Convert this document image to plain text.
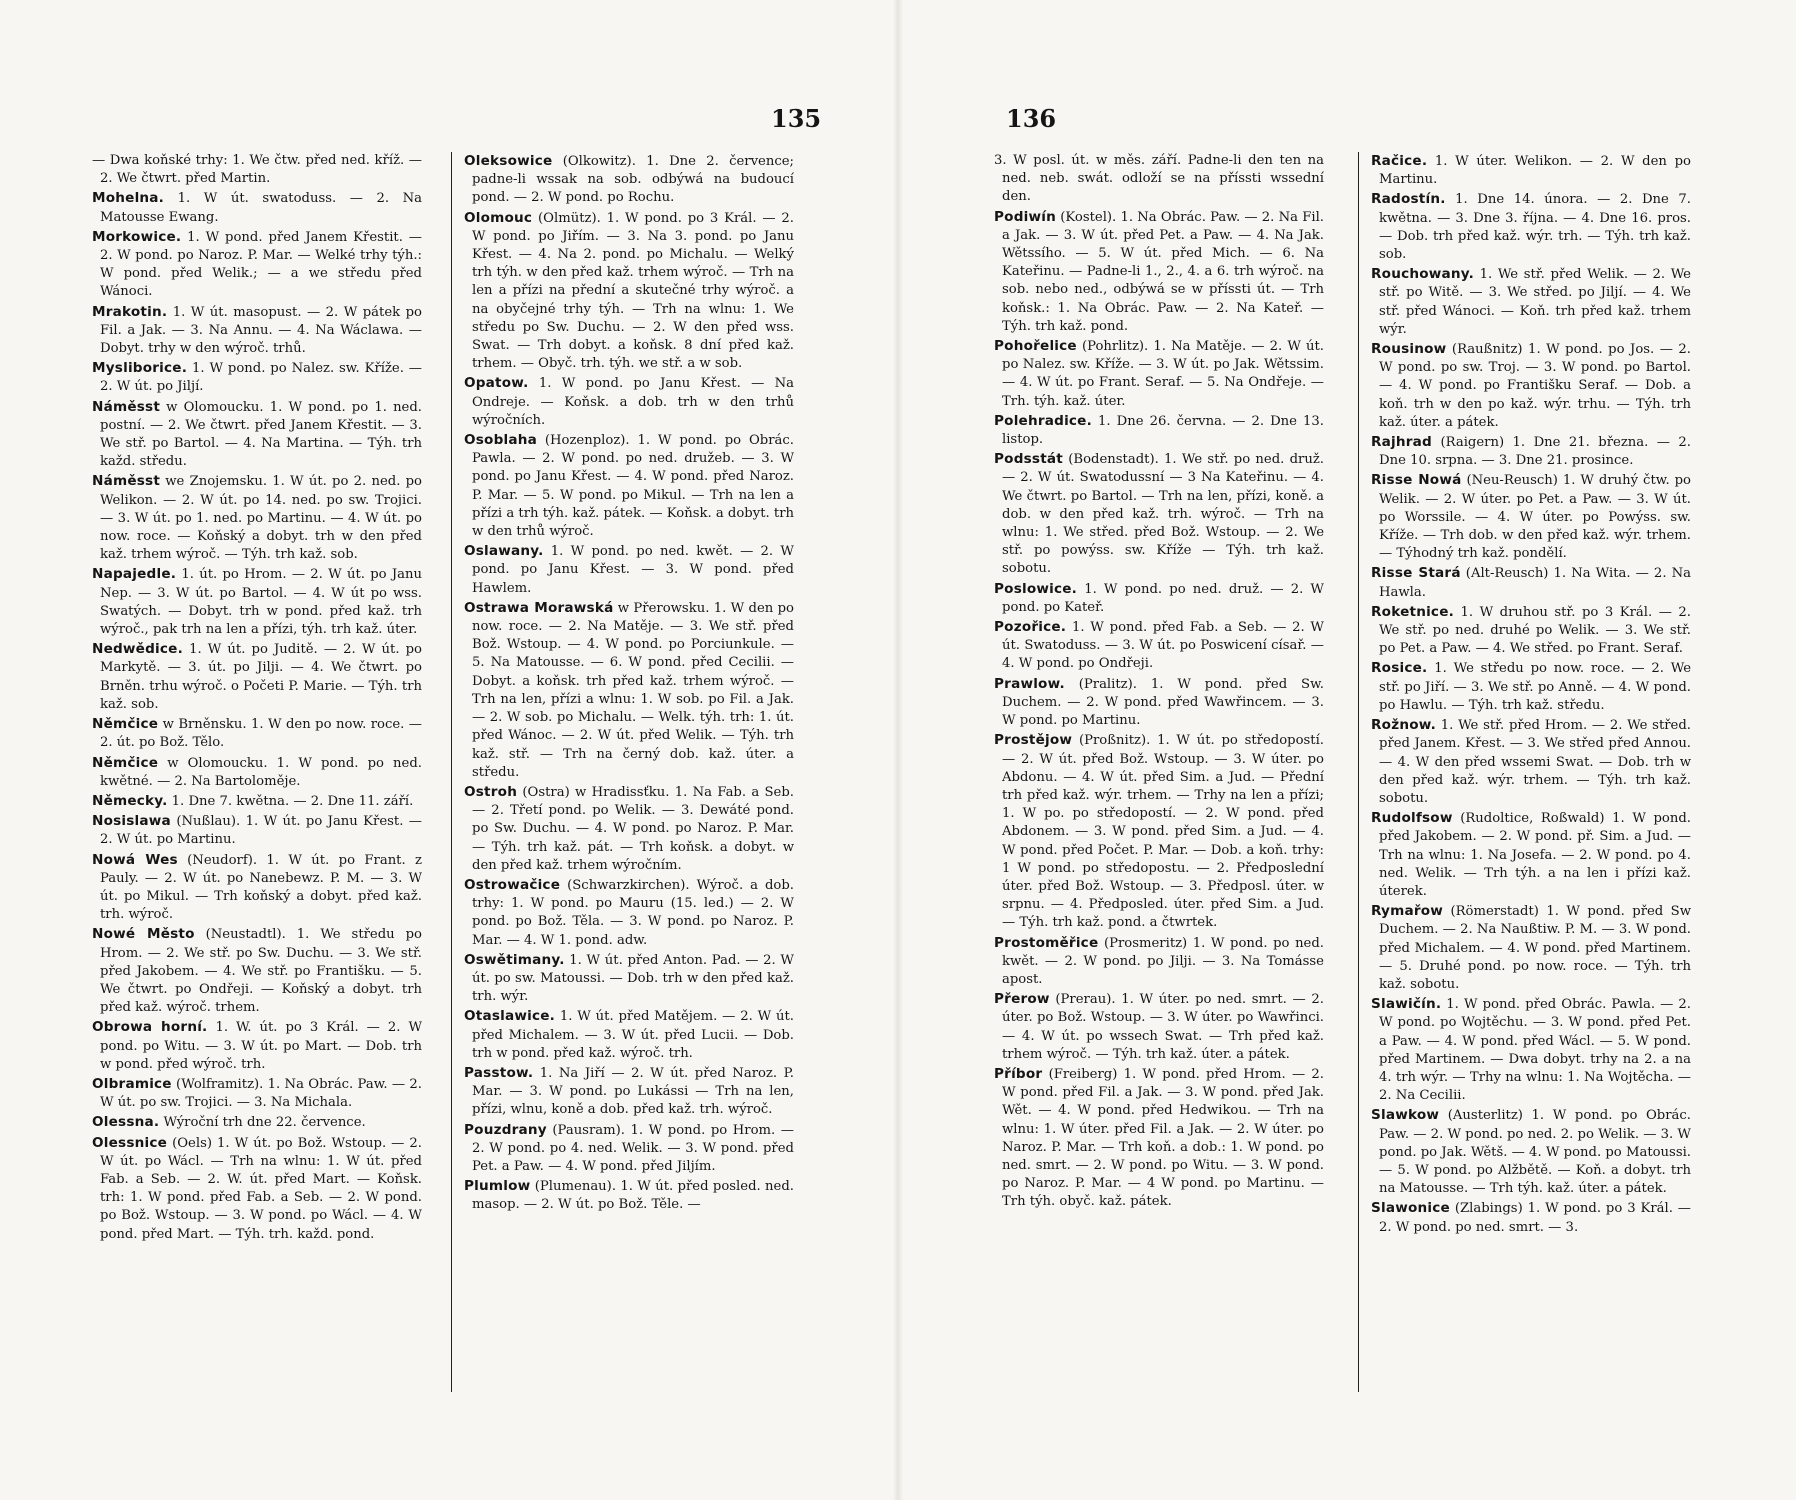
135
— Dwa koňské trhy: 1. We čtw. před ned. kříž. — 2. We čtwrt. před Martin.
Mohelna. 1. W út. swatoduss. — 2. Na Matousse Ewang.
Morkowice. 1. W pond. před Janem Křestit. — 2. W pond. po Naroz. P. Mar. — Welké trhy týh.: W pond. před Welik.; — a we středu před Wánoci.
Mrakotin. 1. W út. masopust. — 2. W pátek po Fil. a Jak. — 3. Na Annu. — 4. Na Wáclawa. — Dobyt. trhy w den wýroč. trhů.
Mysliborice. 1. W pond. po Nalez. sw. Kříže. — 2. W út. po Jiljí.
Náměsst w Olomoucku. 1. W pond. po 1. ned. postní. — 2. We čtwrt. před Janem Křestit. — 3. We stř. po Bartol. — 4. Na Martina. — Týh. trh každ. středu.
Náměsst we Znojemsku. 1. W út. po 2. ned. po Welikon. — 2. W út. po 14. ned. po sw. Trojici. — 3. W út. po 1. ned. po Martinu. — 4. W út. po now. roce. — Koňský a dobyt. trh w den před kaž. trhem wýroč. — Týh. trh kaž. sob.
Napajedle. 1. út. po Hrom. — 2. W út. po Janu Nep. — 3. W út. po Bartol. — 4. W út po wss. Swatých. — Dobyt. trh w pond. před kaž. trh wýroč., pak trh na len a přízi, týh. trh kaž. úter.
Nedwědice. 1. W út. po Juditě. — 2. W út. po Markytě. — 3. út. po Jilji. — 4. We čtwrt. po Brněn. trhu wýroč. o Početi P. Marie. — Týh. trh kaž. sob.
Němčice w Brněnsku. 1. W den po now. roce. — 2. út. po Bož. Tělo.
Němčice w Olomoucku. 1. W pond. po ned. kwětné. — 2. Na Bartoloměje.
Německy. 1. Dne 7. kwětna. — 2. Dne 11. září.
Nosislawa (Nußlau). 1. W út. po Janu Křest. — 2. W út. po Martinu.
Nowá Wes (Neudorf). 1. W út. po Frant. z Pauly. — 2. W út. po Nanebewz. P. M. — 3. W út. po Mikul. — Trh koňský a dobyt. před kaž. trh. wýroč.
Nowé Město (Neustadtl). 1. We středu po Hrom. — 2. We stř. po Sw. Duchu. — 3. We stř. před Jakobem. — 4. We stř. po Františku. — 5. We čtwrt. po Ondřeji. — Koňský a dobyt. trh před kaž. wýroč. trhem.
Obrowa horní. 1. W. út. po 3 Král. — 2. W pond. po Witu. — 3. W út. po Mart. — Dob. trh w pond. před wýroč. trh.
Olbramice (Wolframitz). 1. Na Obrác. Paw. — 2. W út. po sw. Trojici. — 3. Na Michala.
Olessna. Wýroční trh dne 22. července.
Olessnice (Oels) 1. W út. po Bož. Wstoup. — 2. W út. po Wácl. — Trh na wlnu: 1. W út. před Fab. a Seb. — 2. W. út. před Mart. — Koňsk. trh: 1. W pond. před Fab. a Seb. — 2. W pond. po Bož. Wstoup. — 3. W pond. po Wácl. — 4. W pond. před Mart. — Týh. trh. každ. pond.
Oleksowice (Olkowitz). 1. Dne 2. července; padne-li wssak na sob. odbýwá na budoucí pond. — 2. W pond. po Rochu.
Olomouc (Olmütz). 1. W pond. po 3 Král. — 2. W pond. po Jiřím. — 3. Na 3. pond. po Janu Křest. — 4. Na 2. pond. po Michalu. — Welký trh týh. w den před kaž. trhem wýroč. — Trh na len a přízi na přední a skutečné trhy wýroč. a na obyčejné trhy týh. — Trh na wlnu: 1. We středu po Sw. Duchu. — 2. W den před wss. Swat. — Trh dobyt. a koňsk. 8 dní před kaž. trhem. — Obyč. trh. týh. we stř. a w sob.
Opatow. 1. W pond. po Janu Křest. — Na Ondreje. — Koňsk. a dob. trh w den trhů wýročních.
Osoblaha (Hozenploz). 1. W pond. po Obrác. Pawla. — 2. W pond. po ned. družeb. — 3. W pond. po Janu Křest. — 4. W pond. před Naroz. P. Mar. — 5. W pond. po Mikul. — Trh na len a přízi a trh týh. kaž. pátek. — Koňsk. a dobyt. trh w den trhů wýroč.
Oslawany. 1. W pond. po ned. kwět. — 2. W pond. po Janu Křest. — 3. W pond. před Hawlem.
Ostrawa Morawská w Přerowsku. 1. W den po now. roce. — 2. Na Matěje. — 3. We stř. před Bož. Wstoup. — 4. W pond. po Porciunkule. — 5. Na Matousse. — 6. W pond. před Cecilii. — Dobyt. a koňsk. trh před kaž. trhem wýroč. — Trh na len, přízi a wlnu: 1. W sob. po Fil. a Jak. — 2. W sob. po Michalu. — Welk. týh. trh: 1. út. před Wánoc. — 2. W út. před Welik. — Týh. trh kaž. stř. — Trh na černý dob. kaž. úter. a středu.
Ostroh (Ostra) w Hradissťku. 1. Na Fab. a Seb. — 2. Třetí pond. po Welik. — 3. Dewáté pond. po Sw. Duchu. — 4. W pond. po Naroz. P. Mar. — Týh. trh kaž. pát. — Trh koňsk. a dobyt. w den před kaž. trhem wýročním.
Ostrowačice (Schwarzkirchen). Wýroč. a dob. trhy: 1. W pond. po Mauru (15. led.) — 2. W pond. po Bož. Těla. — 3. W pond. po Naroz. P. Mar. — 4. W 1. pond. adw.
Oswětimany. 1. W út. před Anton. Pad. — 2. W út. po sw. Matoussi. — Dob. trh w den před kaž. trh. wýr.
Otaslawice. 1. W út. před Matějem. — 2. W út. před Michalem. — 3. W út. před Lucii. — Dob. trh w pond. před kaž. wýroč. trh.
Passtow. 1. Na Jiří — 2. W út. před Naroz. P. Mar. — 3. W pond. po Lukássi — Trh na len, přízi, wlnu, koně a dob. před kaž. trh. wýroč.
Pouzdrany (Pausram). 1. W pond. po Hrom. — 2. W pond. po 4. ned. Welik. — 3. W pond. před Pet. a Paw. — 4. W pond. před Jiljím.
Plumlow (Plumenau). 1. W út. před posled. ned. masop. — 2. W út. po Bož. Těle. —
136
3. W posl. út. w měs. září. Padne-li den ten na ned. neb. swát. odloží se na příssti wssední den.
Podiwín (Kostel). 1. Na Obrác. Paw. — 2. Na Fil. a Jak. — 3. W út. před Pet. a Paw. — 4. Na Jak. Wětssího. — 5. W út. před Mich. — 6. Na Kateřinu. — Padne-li 1., 2., 4. a 6. trh wýroč. na sob. nebo ned., odbýwá se w příssti út. — Trh koňsk.: 1. Na Obrác. Paw. — 2. Na Kateř. — Týh. trh kaž. pond.
Pohořelice (Pohrlitz). 1. Na Matěje. — 2. W út. po Nalez. sw. Kříže. — 3. W út. po Jak. Wětssim. — 4. W út. po Frant. Seraf. — 5. Na Ondřeje. — Trh. týh. kaž. úter.
Polehradice. 1. Dne 26. června. — 2. Dne 13. listop.
Podsstát (Bodenstadt). 1. We stř. po ned. druž. — 2. W út. Swatodussní — 3 Na Kateřinu. — 4. We čtwrt. po Bartol. — Trh na len, přízi, koně. a dob. w den před kaž. trh. wýroč. — Trh na wlnu: 1. We střed. před Bož. Wstoup. — 2. We stř. po powýss. sw. Kříže — Týh. trh kaž. sobotu.
Poslowice. 1. W pond. po ned. druž. — 2. W pond. po Kateř.
Pozořice. 1. W pond. před Fab. a Seb. — 2. W út. Swatoduss. — 3. W út. po Poswicení císař. — 4. W pond. po Ondřeji.
Prawlow. (Pralitz). 1. W pond. před Sw. Duchem. — 2. W pond. před Wawřincem. — 3. W pond. po Martinu.
Prostějow (Proßnitz). 1. W út. po středopostí. — 2. W út. před Bož. Wstoup. — 3. W úter. po Abdonu. — 4. W út. před Sim. a Jud. — Přední trh před kaž. wýr. trhem. — Trhy na len a přízi; 1. W po. po středopostí. — 2. W pond. před Abdonem. — 3. W pond. před Sim. a Jud. — 4. W pond. před Počet. P. Mar. — Dob. a koň. trhy: 1 W pond. po středopostu. — 2. Předposlední úter. před Bož. Wstoup. — 3. Předposl. úter. w srpnu. — 4. Předposled. úter. před Sim. a Jud. — Týh. trh kaž. pond. a čtwrtek.
Prostoměřice (Prosmeritz) 1. W pond. po ned. kwět. — 2. W pond. po Jilji. — 3. Na Tomásse apost.
Přerow (Prerau). 1. W úter. po ned. smrt. — 2. úter. po Bož. Wstoup. — 3. W úter. po Wawřinci. — 4. W út. po wssech Swat. — Trh před kaž. trhem wýroč. — Týh. trh kaž. úter. a pátek.
Příbor (Freiberg) 1. W pond. před Hrom. — 2. W pond. před Fil. a Jak. — 3. W pond. před Jak. Wět. — 4. W pond. před Hedwikou. — Trh na wlnu: 1. W úter. před Fil. a Jak. — 2. W úter. po Naroz. P. Mar. — Trh koň. a dob.: 1. W pond. po ned. smrt. — 2. W pond. po Witu. — 3. W pond. po Naroz. P. Mar. — 4 W pond. po Martinu. — Trh týh. obyč. kaž. pátek.
Račice. 1. W úter. Welikon. — 2. W den po Martinu.
Radostín. 1. Dne 14. února. — 2. Dne 7. kwětna. — 3. Dne 3. října. — 4. Dne 16. pros. — Dob. trh před kaž. wýr. trh. — Týh. trh kaž. sob.
Rouchowany. 1. We stř. před Welik. — 2. We stř. po Witě. — 3. We střed. po Jiljí. — 4. We stř. před Wánoci. — Koň. trh před kaž. trhem wýr.
Rousinow (Raußnitz) 1. W pond. po Jos. — 2. W pond. po sw. Troj. — 3. W pond. po Bartol. — 4. W pond. po Františku Seraf. — Dob. a koň. trh w den po kaž. wýr. trhu. — Týh. trh kaž. úter. a pátek.
Rajhrad (Raigern) 1. Dne 21. března. — 2. Dne 10. srpna. — 3. Dne 21. prosince.
Risse Nowá (Neu-Reusch) 1. W druhý čtw. po Welik. — 2. W úter. po Pet. a Paw. — 3. W út. po Worssile. — 4. W úter. po Powýss. sw. Kříže. — Trh dob. w den před kaž. wýr. trhem. — Týhodný trh kaž. pondělí.
Risse Stará (Alt-Reusch) 1. Na Wita. — 2. Na Hawla.
Roketnice. 1. W druhou stř. po 3 Král. — 2. We stř. po ned. druhé po Welik. — 3. We stř. po Pet. a Paw. — 4. We střed. po Frant. Seraf.
Rosice. 1. We středu po now. roce. — 2. We stř. po Jiří. — 3. We stř. po Anně. — 4. W pond. po Hawlu. — Týh. trh kaž. středu.
Rožnow. 1. We stř. před Hrom. — 2. We střed. před Janem. Křest. — 3. We střed před Annou. — 4. W den před wssemi Swat. — Dob. trh w den před kaž. wýr. trhem. — Týh. trh kaž. sobotu.
Rudolfsow (Rudoltice, Roßwald) 1. W pond. před Jakobem. — 2. W pond. př. Sim. a Jud. — Trh na wlnu: 1. Na Josefa. — 2. W pond. po 4. ned. Welik. — Trh týh. a na len i přízi kaž. úterek.
Rymařow (Römerstadt) 1. W pond. před Sw Duchem. — 2. Na Naußtiw. P. M. — 3. W pond. před Michalem. — 4. W pond. před Martinem. — 5. Druhé pond. po now. roce. — Týh. trh kaž. sobotu.
Slawičín. 1. W pond. před Obrác. Pawla. — 2. W pond. po Wojtěchu. — 3. W pond. před Pet. a Paw. — 4. W pond. před Wácl. — 5. W pond. před Martinem. — Dwa dobyt. trhy na 2. a na 4. trh wýr. — Trhy na wlnu: 1. Na Wojtěcha. — 2. Na Cecilii.
Slawkow (Austerlitz) 1. W pond. po Obrác. Paw. — 2. W pond. po ned. 2. po Welik. — 3. W pond. po Jak. Wětš. — 4. W pond. po Matoussi. — 5. W pond. po Alžbětě. — Koň. a dobyt. trh na Matousse. — Trh týh. kaž. úter. a pátek.
Slawonice (Zlabings) 1. W pond. po 3 Král. — 2. W pond. po ned. smrt. — 3.
